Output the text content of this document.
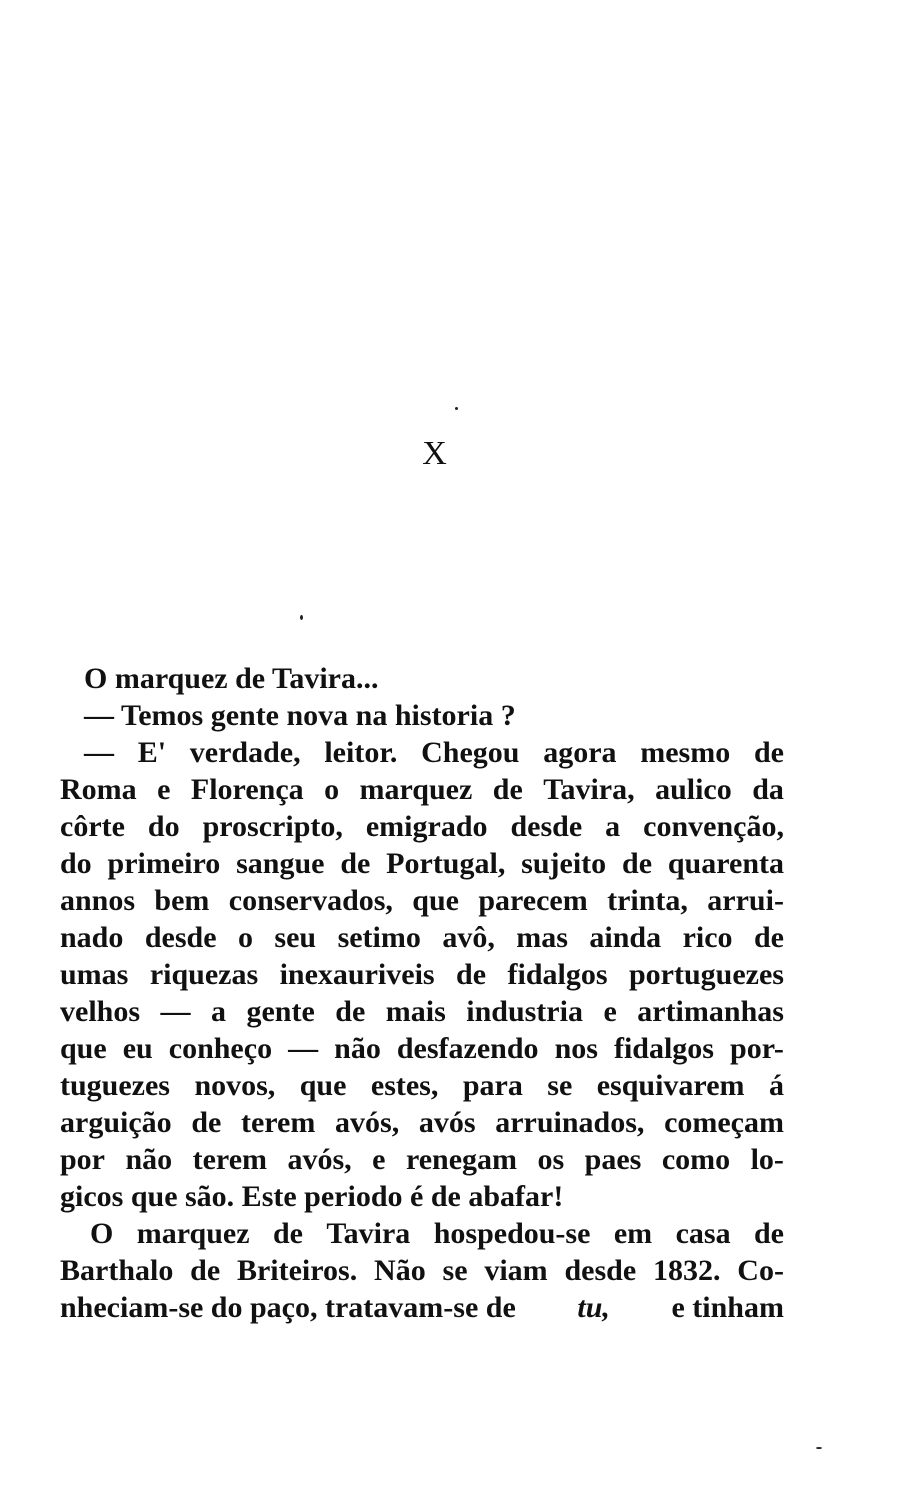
X
O marquez de Tavira...
— Temos gente nova na historia ?
— E' verdade, leitor. Chegou agora mesmo de
Roma e Florença o marquez de Tavira, aulico da
côrte do proscripto, emigrado desde a convenção,
do primeiro sangue de Portugal, sujeito de quarenta
annos bem conservados, que parecem trinta, arrui-
nado desde o seu setimo avô, mas ainda rico de
umas riquezas inexauriveis de fidalgos portuguezes
velhos — a gente de mais industria e artimanhas
que eu conheço — não desfazendo nos fidalgos por-
tuguezes novos, que estes, para se esquivarem á
arguição de terem avós, avós arruinados, começam
por não terem avós, e renegam os paes como lo-
gicos que são. Este periodo é de abafar!
O marquez de Tavira hospedou-se em casa de
Barthalo de Briteiros. Não se viam desde 1832. Co-
nheciam-se do paço, tratavam-se de tu, e tinham
